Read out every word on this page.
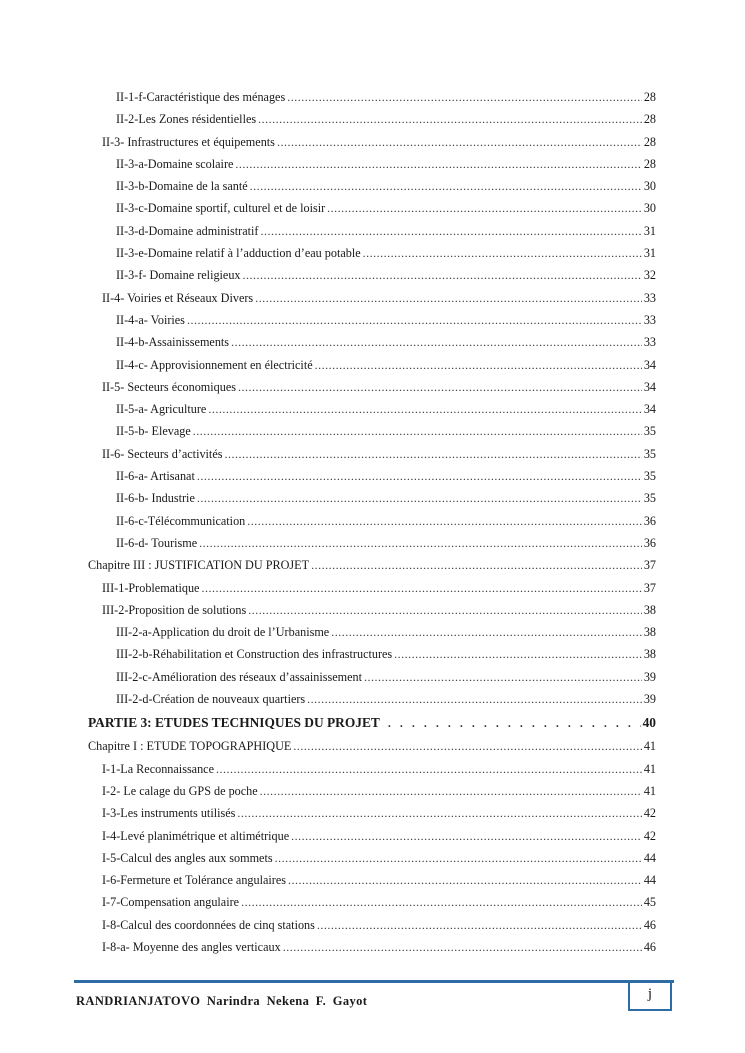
II-1-f-Caractéristique des ménages .....	28
II-2-Les Zones résidentielles .....	28
II-3- Infrastructures et équipements .....	28
II-3-a-Domaine scolaire .....	28
II-3-b-Domaine de la santé .....	30
II-3-c-Domaine sportif, culturel et de loisir .....	30
II-3-d-Domaine administratif .....	31
II-3-e-Domaine relatif à l’adduction d’eau potable .....	31
II-3-f- Domaine religieux .....	32
II-4- Voiries et Réseaux Divers .....	33
II-4-a- Voiries .....	33
II-4-b-Assainissements .....	33
II-4-c- Approvisionnement en électricité .....	34
II-5- Secteurs économiques .....	34
II-5-a- Agriculture .....	34
II-5-b- Elevage .....	35
II-6- Secteurs d’activités .....	35
II-6-a- Artisanat .....	35
II-6-b- Industrie .....	35
II-6-c-Télécommunication .....	36
II-6-d- Tourisme .....	36
Chapitre III : JUSTIFICATION DU PROJET .....	37
III-1-Problematique .....	37
III-2-Proposition de solutions .....	38
III-2-a-Application du droit de l’Urbanisme .....	38
III-2-b-Réhabilitation et Construction des infrastructures .....	38
III-2-c-Amélioration des réseaux d’assainissement .....	39
III-2-d-Création de nouveaux quartiers .....	39
PARTIE 3: ETUDES TECHNIQUES DU PROJET . . .	40
Chapitre I : ETUDE TOPOGRAPHIQUE .....	41
I-1-La Reconnaissance .....	41
I-2- Le calage du GPS de poche .....	41
I-3-Les instruments utilisés .....	42
I-4-Levé planimétrique et altimétrique .....	42
I-5-Calcul des angles aux sommets .....	44
I-6-Fermeture et Tolérance angulaires .....	44
I-7-Compensation angulaire .....	45
I-8-Calcul des coordonnées de cinq stations .....	46
I-8-a- Moyenne des angles verticaux .....	46
RANDRIANJATOVO Narindra Nekena F. Gayot	j
